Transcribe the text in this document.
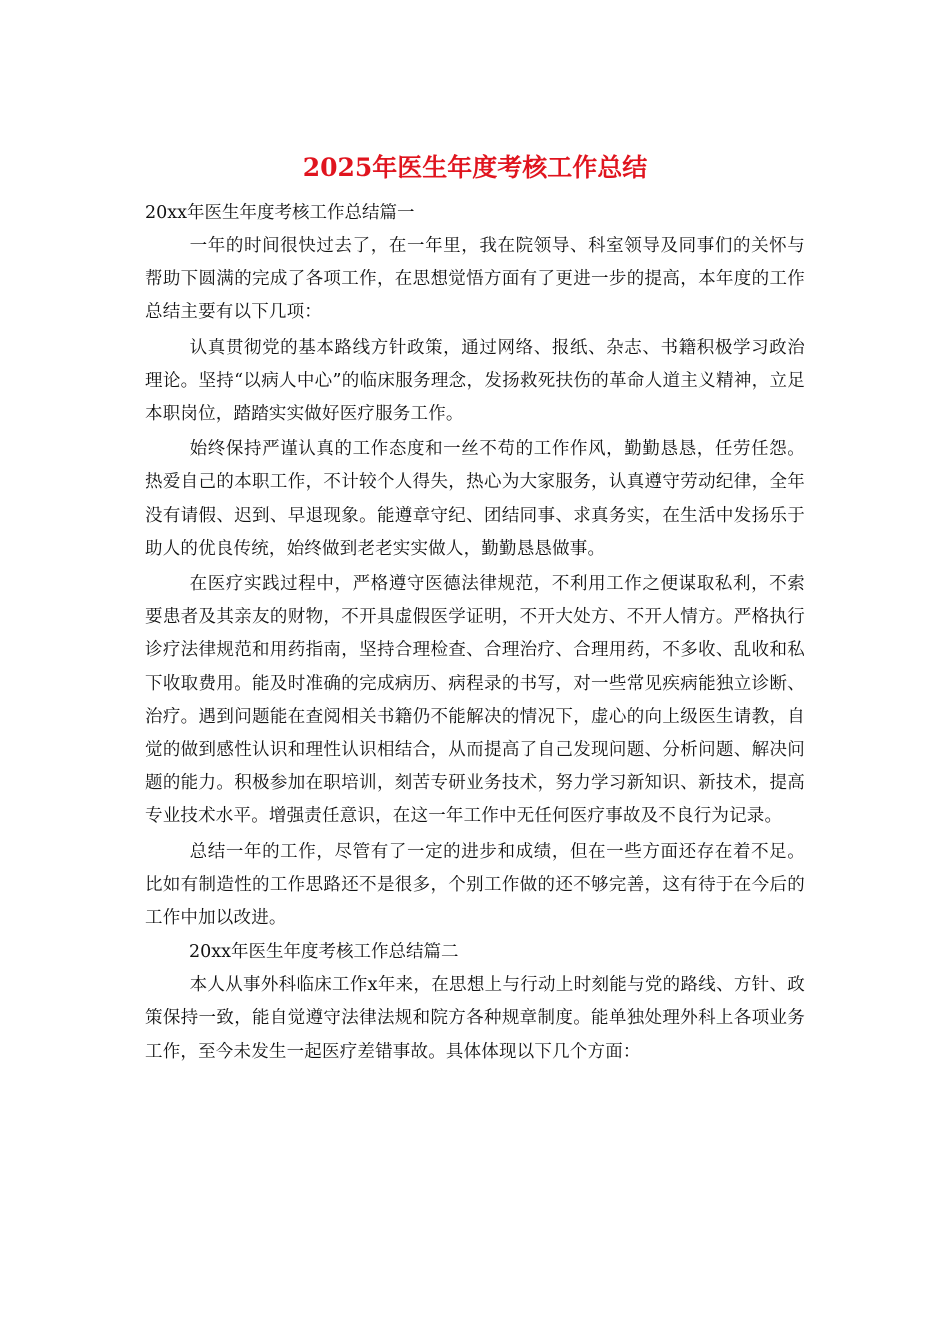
2025年医生年度考核工作总结
20xx年医生年度考核工作总结篇一

一年的时间很快过去了，在一年里，我在院领导、科室领导及同事们的关怀与帮助下圆满的完成了各项工作，在思想觉悟方面有了更进一步的提高，本年度的工作总结主要有以下几项：

认真贯彻党的基本路线方针政策，通过网络、报纸、杂志、书籍积极学习政治理论。坚持“以病人中心”的临床服务理念，发扬救死扶伤的革命人道主义精神，立足本职岗位，踏踏实实做好医疗服务工作。

始终保持严谨认真的工作态度和一丝不苟的工作作风，勤勤恳恳，任劳任怨。热爱自己的本职工作，不计较个人得失，热心为大家服务，认真遵守劳动纪律，全年没有请假、迟到、早退现象。能遵章守纪、团结同事、求真务实，在生活中发扬乐于助人的优良传统，始终做到老老实实做人，勤勤恳恳做事。

在医疗实践过程中，严格遵守医德法律规范，不利用工作之便谋取私利，不索要患者及其亲友的财物，不开具虚假医学证明，不开大处方、不开人情方。严格执行诊疗法律规范和用药指南，坚持合理检查、合理治疗、合理用药，不多收、乱收和私下收取费用。能及时准确的完成病历、病程录的书写，对一些常见疾病能独立诊断、治疗。遇到问题能在查阅相关书籍仍不能解决的情况下，虚心的向上级医生请教，自觉的做到感性认识和理性认识相结合，从而提高了自己发现问题、分析问题、解决问题的能力。积极参加在职培训，刻苦专研业务技术，努力学习新知识、新技术，提高专业技术水平。增强责任意识，在这一年工作中无任何医疗事故及不良行为记录。

总结一年的工作，尽管有了一定的进步和成绩，但在一些方面还存在着不足。比如有制造性的工作思路还不是很多，个别工作做的还不够完善，这有待于在今后的工作中加以改进。

20xx年医生年度考核工作总结篇二

本人从事外科临床工作x年来，在思想上与行动上时刻能与党的路线、方针、政策保持一致，能自觉遵守法律法规和院方各种规章制度。能单独处理外科上各项业务工作，至今未发生一起医疗差错事故。具体体现以下几个方面：
